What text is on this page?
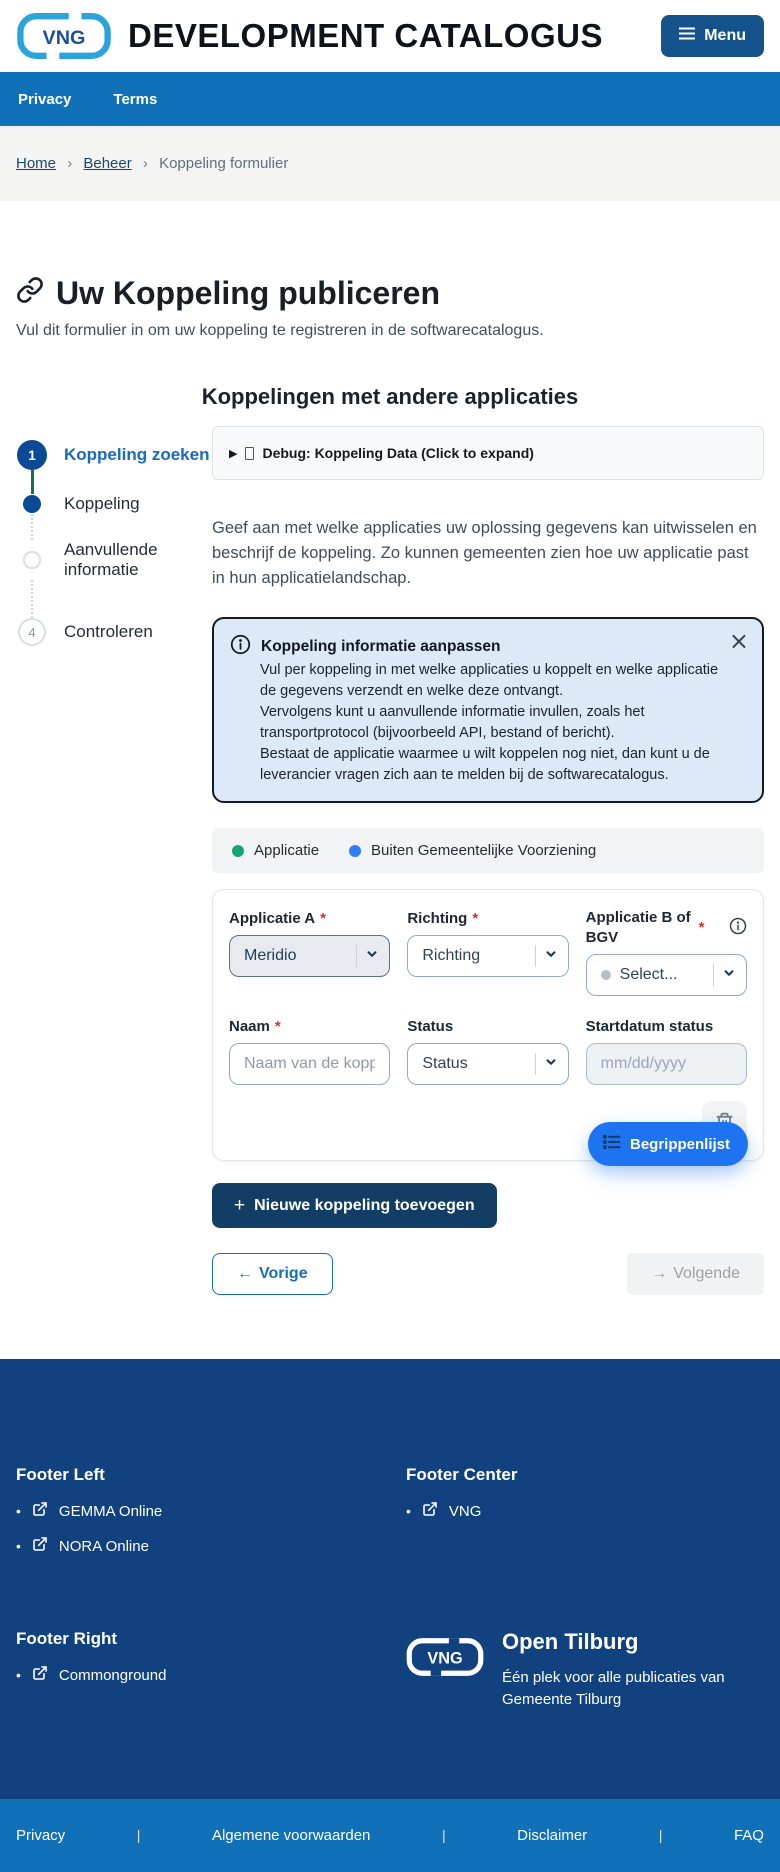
VNG DEVELOPMENT CATALOGUS	Menu
Privacy	Terms
Home › Beheer › Koppeling formulier
Uw Koppeling publiceren

Vul dit formulier in om uw koppeling te registreren in de softwarecatalogus.

Koppelingen met andere applicaties
1	Koppeling zoeken
Koppeling
Aanvullende informatie
4	Controleren
▶ Debug: Koppeling Data (Click to expand)

Geef aan met welke applicaties uw oplossing gegevens kan uitwisselen en beschrijf de koppeling. Zo kunnen gemeenten zien hoe uw applicatie past in hun applicatielandschap.

Koppeling informatie aanpassen
Vul per koppeling in met welke applicaties u koppelt en welke applicatie de gegevens verzendt en welke deze ontvangt.
Vervolgens kunt u aanvullende informatie invullen, zoals het transportprotocol (bijvoorbeeld API, bestand of bericht).
Bestaat de applicatie waarmee u wilt koppelen nog niet, dan kunt u de leverancier vragen zich aan te melden bij de softwarecatalogus.
×
Applicatie	Buiten Gemeentelijke Voorziening
Applicatie A *
Meridio
Richting *
Richting
Applicatie B of BGV
*
Select...
Naam *
Naam van de kopp	Status
Status
Startdatum status
mm/dd/yyyy
Begrippenlijst
+ Nieuwe koppeling toevoegen
← Vorige	→ Volgende
Footer Left
•	GEMMA Online
•	NORA Online
Footer Center
•	VNG
Footer Right
•	Commonground
VNG
Open Tilburg
Één plek voor alle publicaties van Gemeente Tilburg
Privacy	|	Algemene voorwaarden	|	Disclaimer	|	FAQ
